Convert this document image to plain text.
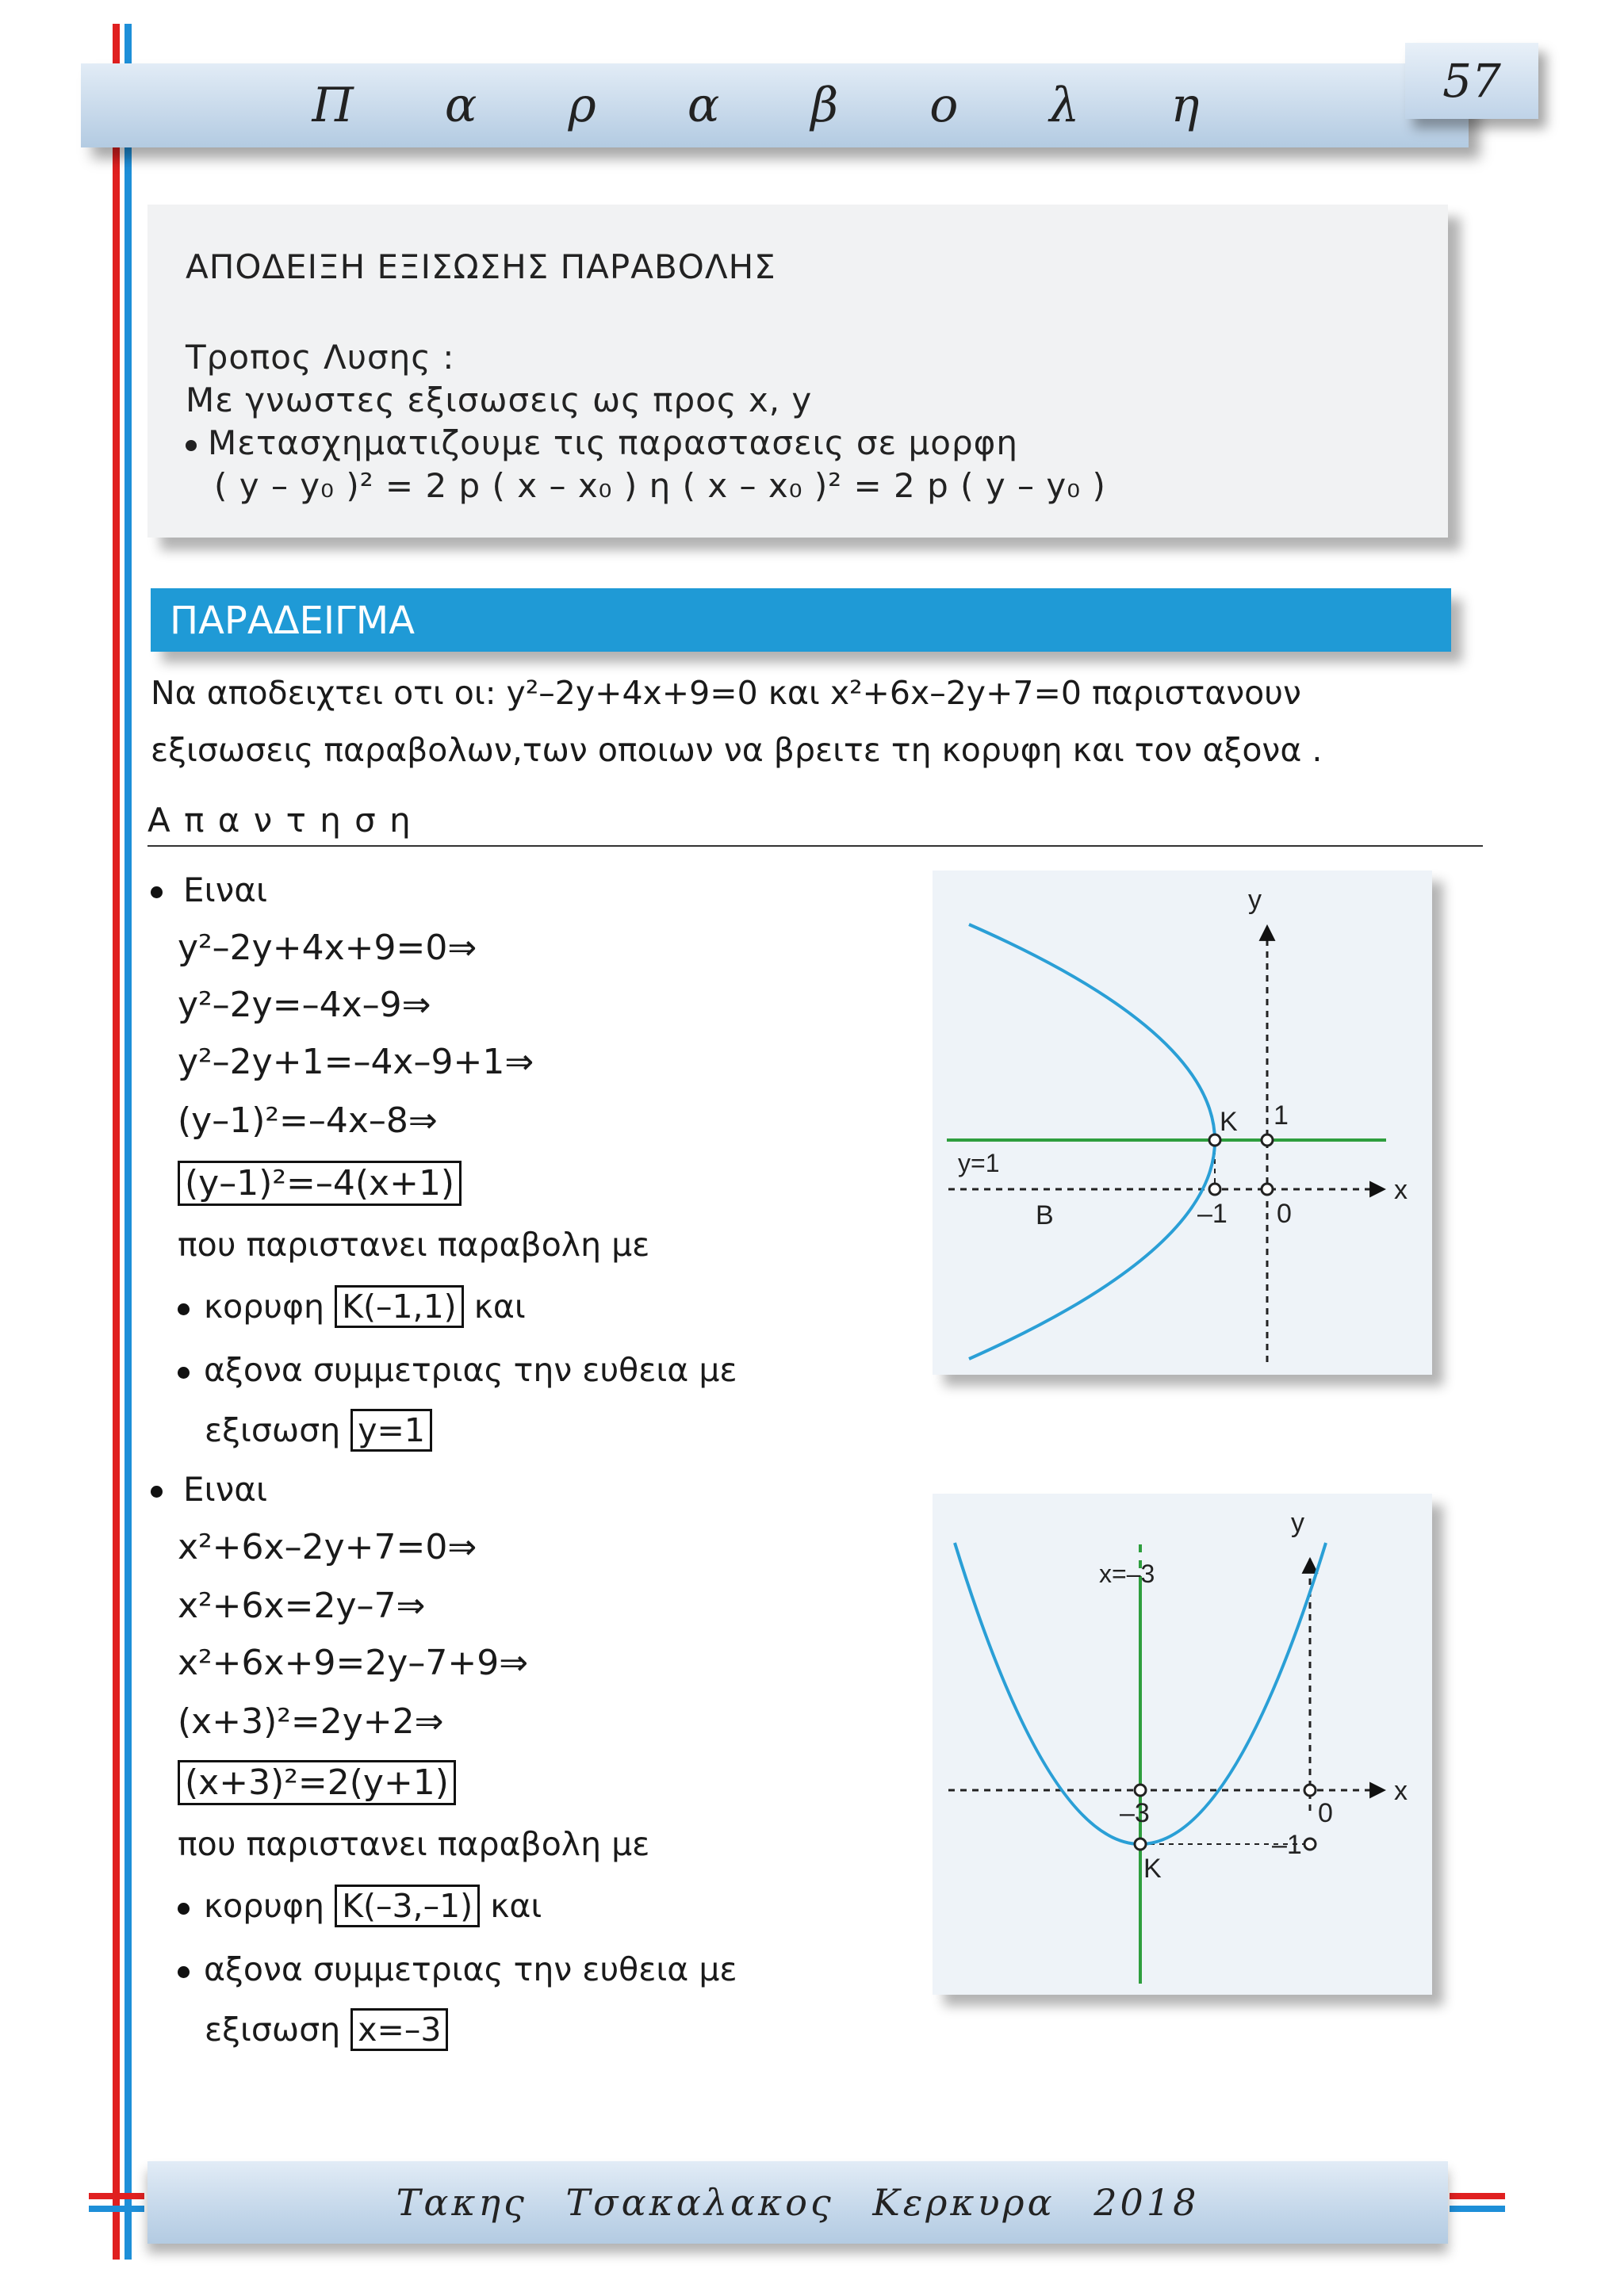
Π α ρ α β ο λ η	57
ΑΠΟΔΕΙΞΗ ΕΞΙΣΩΣΗΣ ΠΑΡΑΒΟΛΗΣ
Τροπος Λυσης :
Με γνωστες εξισωσεις ως προς x, y
Μετασχηματιζουμε τις παραστασεις σε μορφη
( y – y₀ )² = 2 p ( x – x₀ ) η ( x – x₀ )² = 2 p ( y – y₀ )
ΠΑΡΑΔΕΙΓΜΑ
Να αποδειχτει οτι οι: y²–2y+4x+9=0 και x²+6x–2y+7=0 παριστανουν
εξισωσεις παραβολων,των οποιων να βρειτε τη κορυφη και τον αξονα .
Α π α ν τ η σ η
Ειναι
y²–2y+4x+9=0⇒
y²–2y=–4x–9⇒
y²–2y+1=–4x–9+1⇒
(y–1)²=–4x–8⇒
(y–1)²=–4(x+1)
που παριστανει παραβολη με
κορυφη K(–1,1) και
αξονα συμμετριας την ευθεια με
εξισωση y=1
Ειναι
x²+6x–2y+7=0⇒
x²+6x=2y–7⇒
x²+6x+9=2y–7+9⇒
(x+3)²=2y+2⇒
(x+3)²=2(y+1)
που παριστανει παραβολη με
κορυφη K(–3,–1) και
αξονα συμμετριας την ευθεια με
εξισωση x=–3
y
x
K 1
y=1
B	–1 0
y
x
x=–3
–3	0
–1
K
Τακης Τσακαλακος Κερκυρα 2018
